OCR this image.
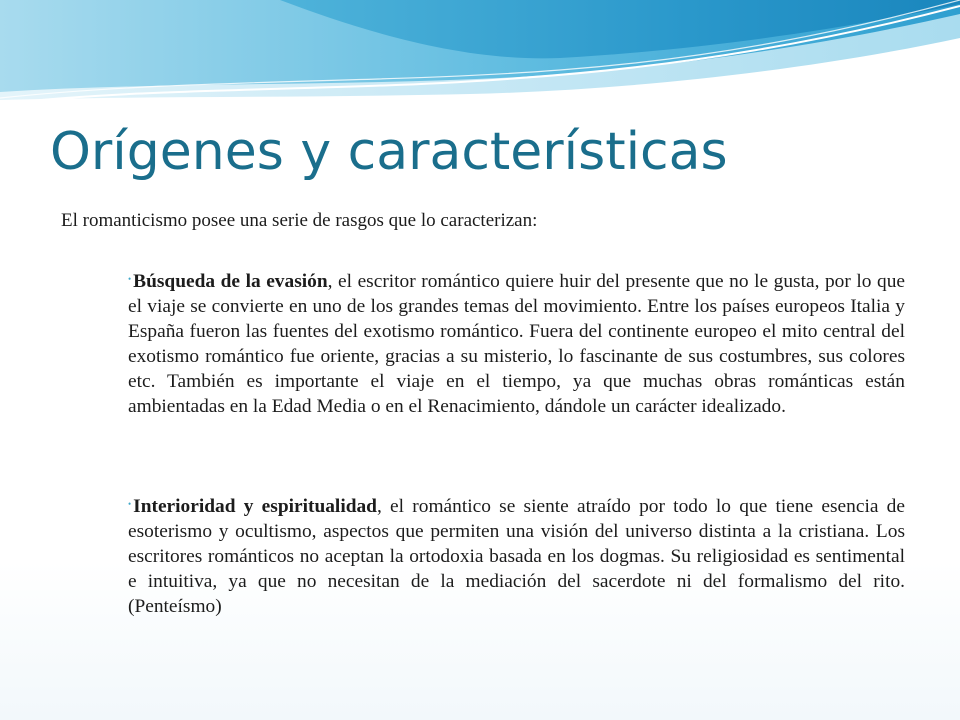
Orígenes y características

El romanticismo posee una serie de rasgos que lo caracterizan:

• Búsqueda de la evasión, el escritor romántico quiere huir del presente que no le gusta, por lo que el viaje se convierte en uno de los grandes temas del movimiento. Entre los países europeos Italia y España fueron las fuentes del exotismo romántico. Fuera del continente europeo el mito central del exotismo romántico fue oriente, gracias a su misterio, lo fascinante de sus costumbres, sus colores etc. También es importante el viaje en el tiempo, ya que muchas obras románticas están ambientadas en la Edad Media o en el Renacimiento, dándole un carácter idealizado.

• Interioridad y espiritualidad, el romántico se siente atraído por todo lo que tiene esencia de esoterismo y ocultismo, aspectos que permiten una visión del universo distinta a la cristiana. Los escritores románticos no aceptan la ortodoxia basada en los dogmas. Su religiosidad es sentimental e intuitiva, ya que no necesitan de la mediación del sacerdote ni del formalismo del rito. (Penteísmo)
